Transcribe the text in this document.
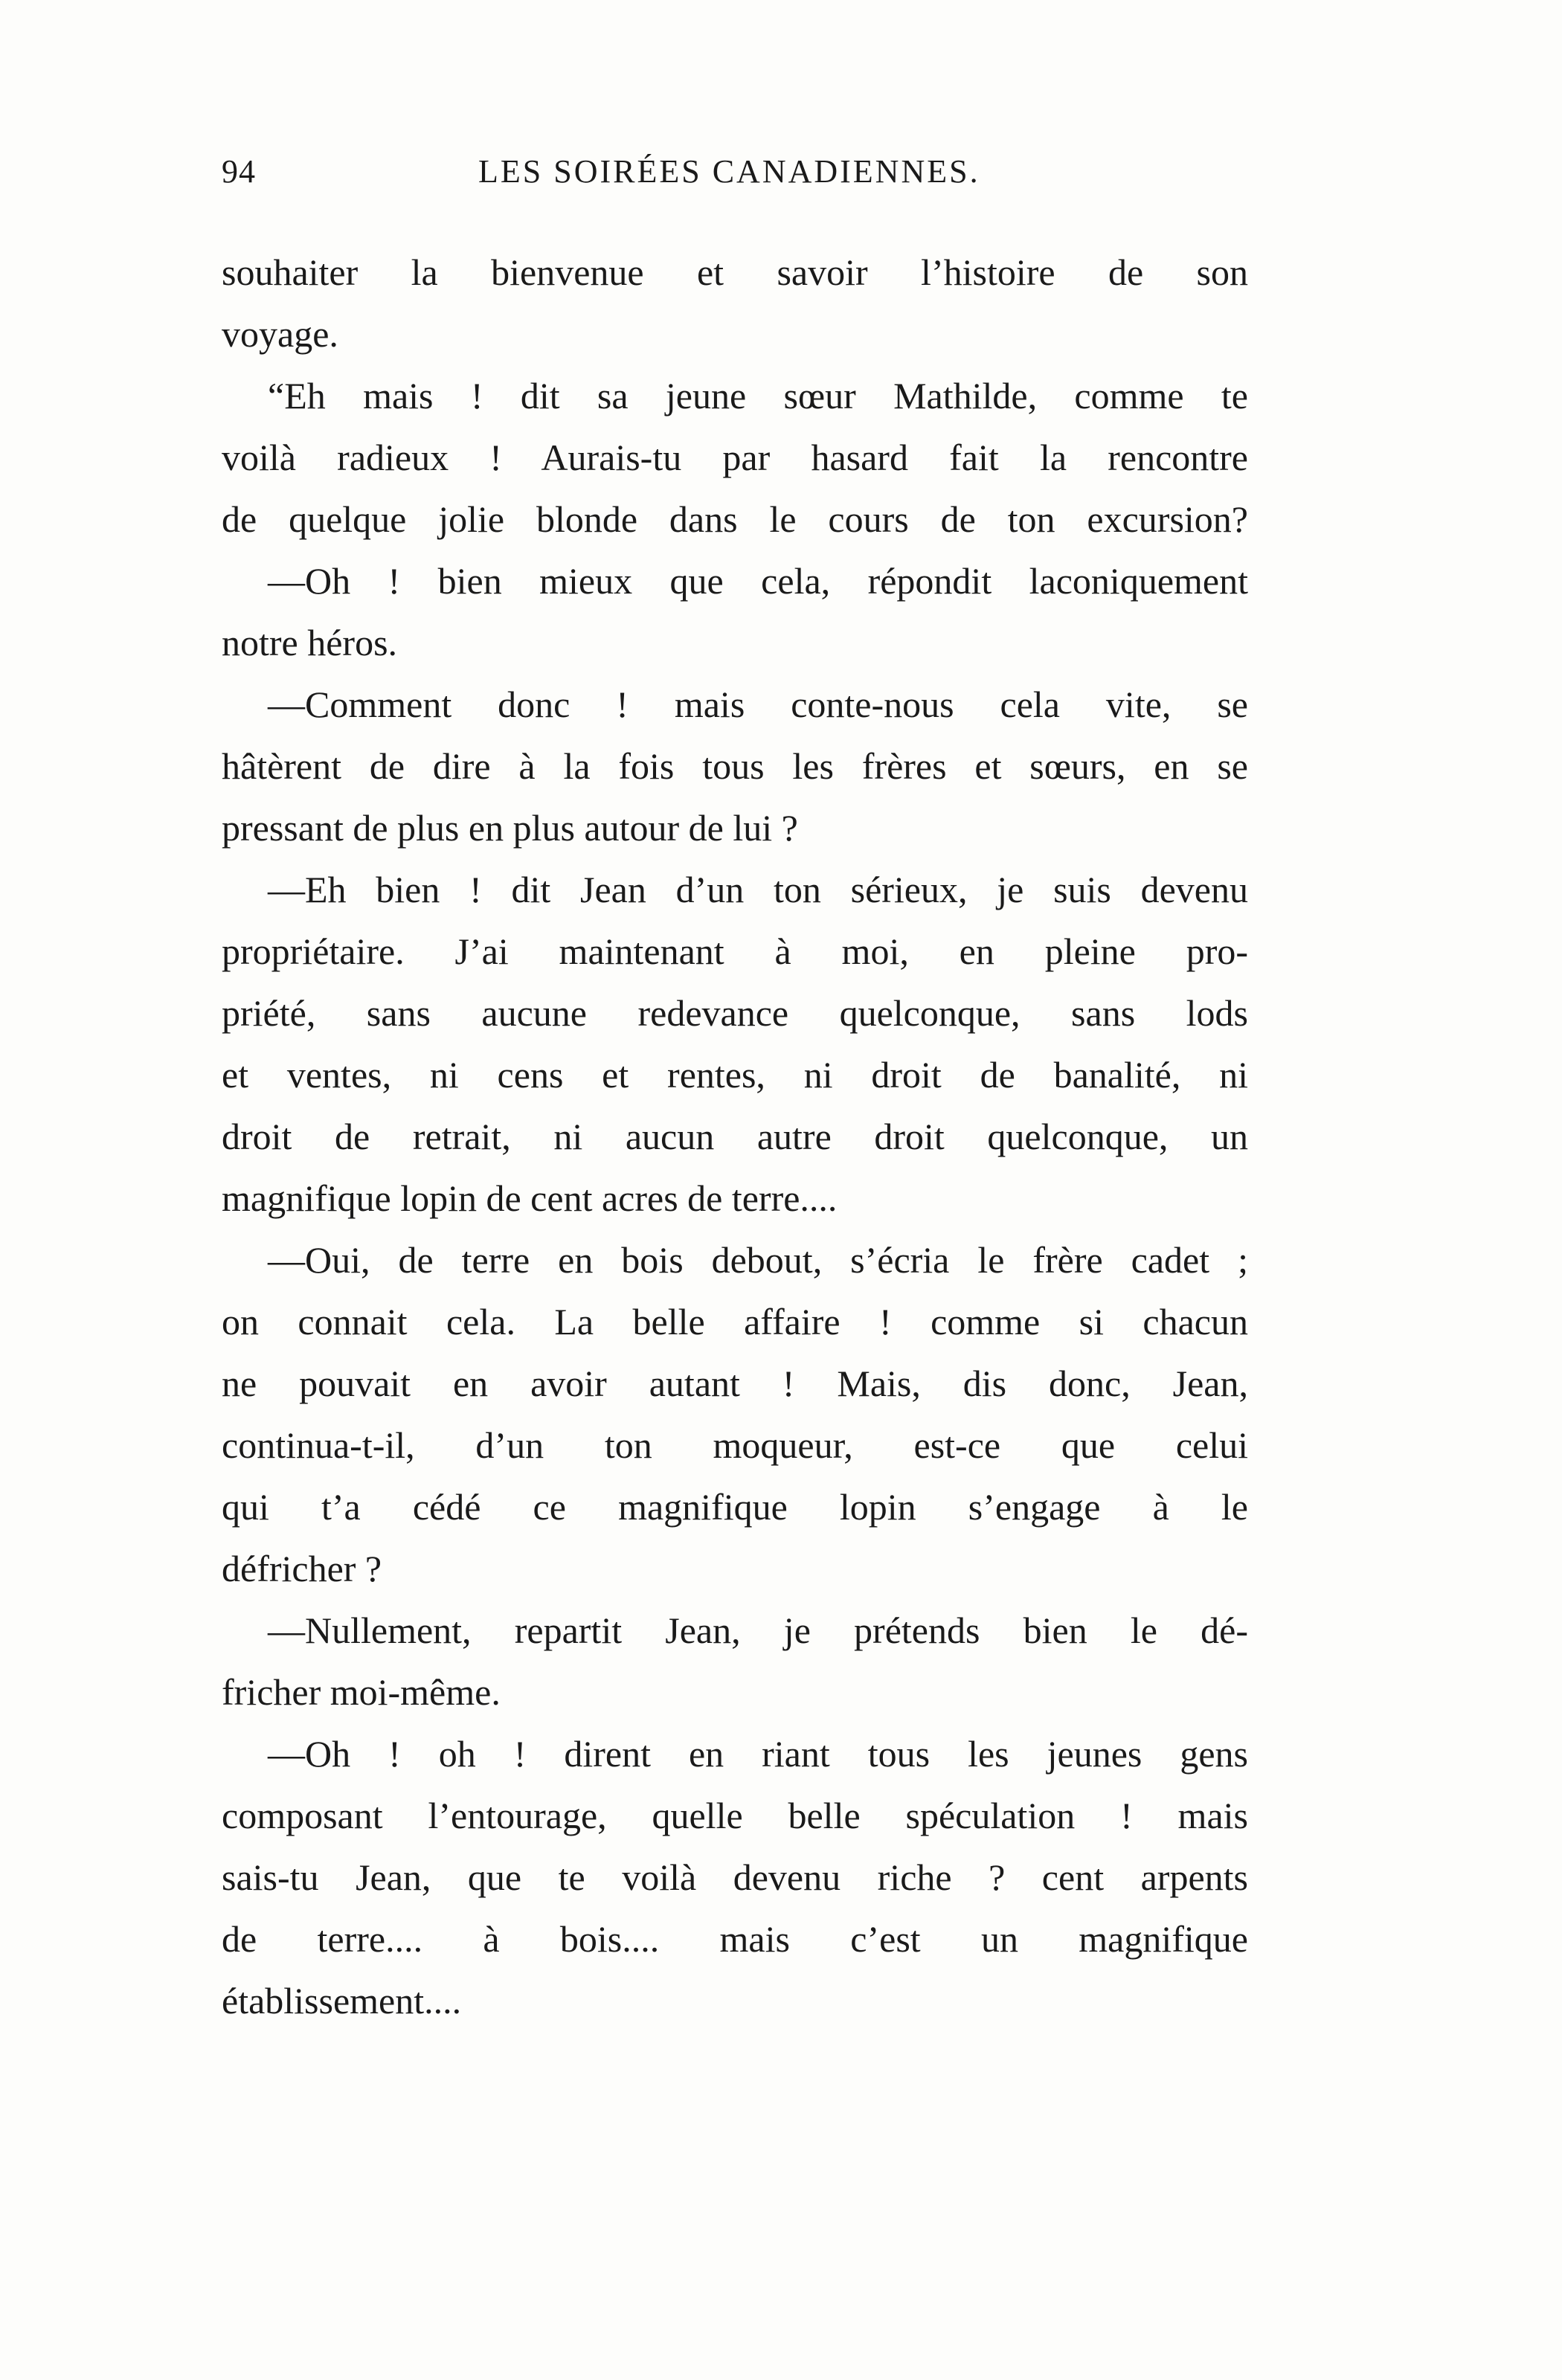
94	LES SOIRÉES CANADIENNES.
souhaiter la bienvenue et savoir l’histoire de son
voyage.
“Eh mais ! dit sa jeune sœur Mathilde, comme te
voilà radieux ! Aurais-tu par hasard fait la rencontre
de quelque jolie blonde dans le cours de ton excursion?
—Oh ! bien mieux que cela, répondit laconiquement
notre héros.
—Comment donc ! mais conte-nous cela vite, se
hâtèrent de dire à la fois tous les frères et sœurs, en se
pressant de plus en plus autour de lui ?
—Eh bien ! dit Jean d’un ton sérieux, je suis devenu
propriétaire. J’ai maintenant à moi, en pleine pro-
priété, sans aucune redevance quelconque, sans lods
et ventes, ni cens et rentes, ni droit de banalité, ni
droit de retrait, ni aucun autre droit quelconque, un
magnifique lopin de cent acres de terre....
—Oui, de terre en bois debout, s’écria le frère cadet ;
on connait cela. La belle affaire ! comme si chacun
ne pouvait en avoir autant ! Mais, dis donc, Jean,
continua-t-il, d’un ton moqueur, est-ce que celui
qui t’a cédé ce magnifique lopin s’engage à le
défricher ?
—Nullement, repartit Jean, je prétends bien le dé-
fricher moi-même.
—Oh ! oh ! dirent en riant tous les jeunes gens
composant l’entourage, quelle belle spéculation ! mais
sais-tu Jean, que te voilà devenu riche ? cent arpents
de terre.... à bois.... mais c’est un magnifique
établissement....
